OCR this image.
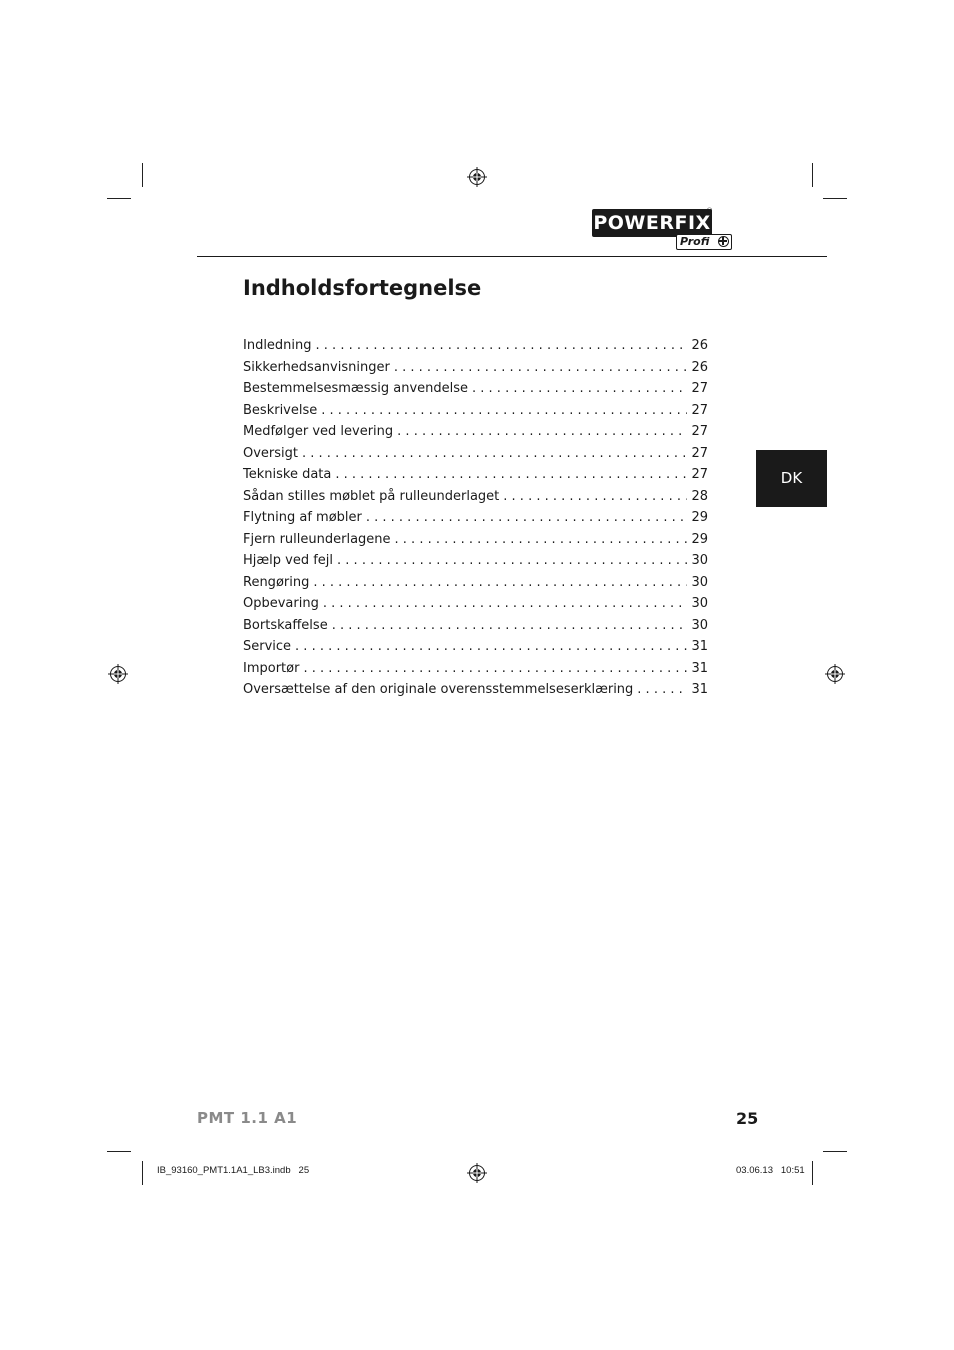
POWERFIX
®
Profi
Indholdsfortegnelse
Indledning . . .	26
Sikkerhedsanvisninger . . .	26
Bestemmelsesmæssig anvendelse . . .	27
Beskrivelse . . .	27
Medfølger ved levering . . .	27
Oversigt . . .	27
Tekniske data . . .	27
Sådan stilles møblet på rulleunderlaget . . .	28
Flytning af møbler . . .	29
Fjern rulleunderlagene . . .	29
Hjælp ved fejl . . .	30
Rengøring . . .	30
Opbevaring . . .	30
Bortskaffelse . . .	30
Service . . .	31
Importør . . .	31
Oversættelse af den originale overensstemmelseserklæring . . .	31
DK
PMT 1.1 A1	25
IB_93160_PMT1.1A1_LB3.indb   25	03.06.13   10:51
